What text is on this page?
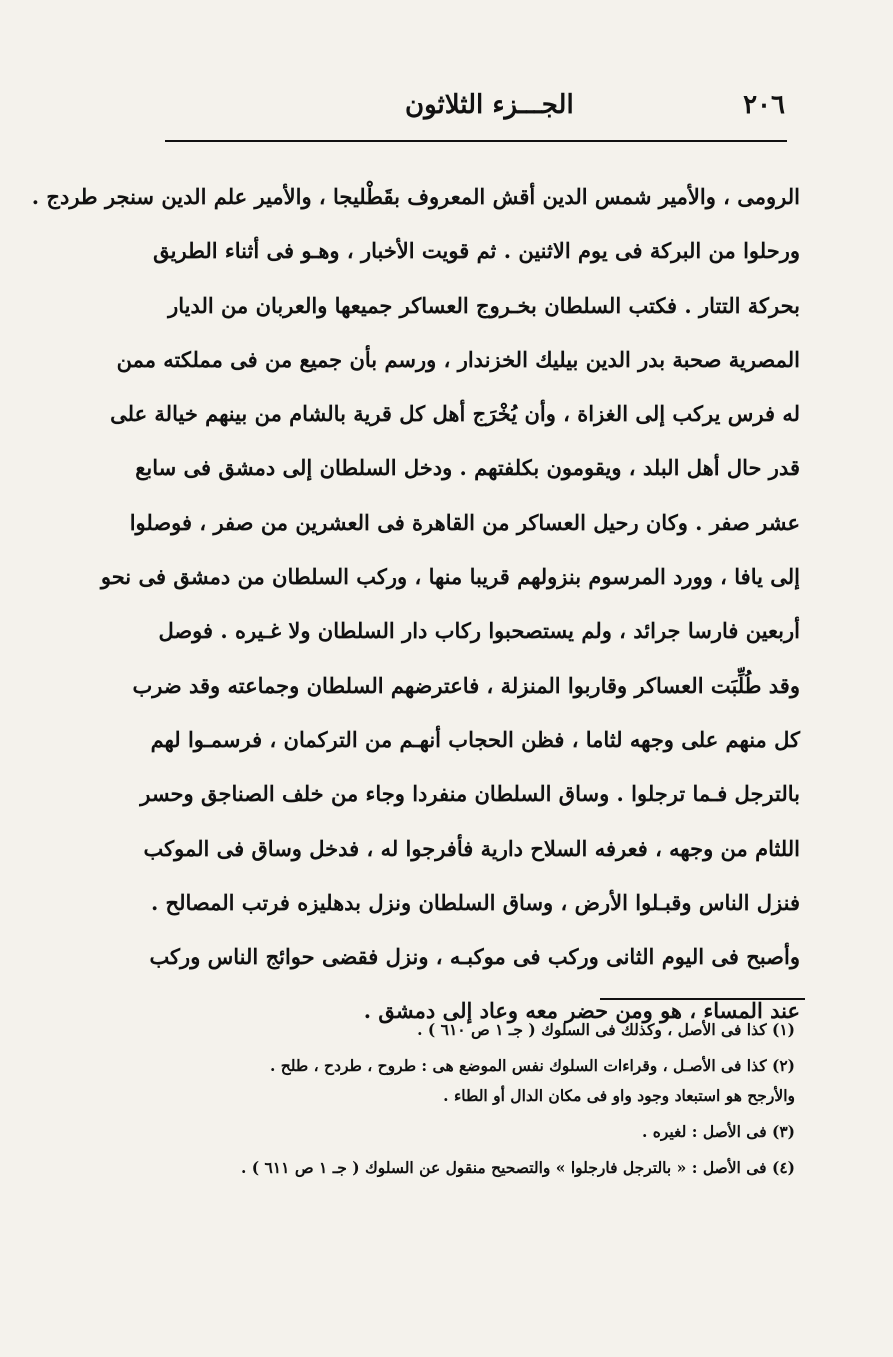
٢٠٦
الجـــزء الثلاثون
الرومى ، والأمير شمس الدين أقش المعروف بقَطْليجا ، والأمير علم الدين سنجر طردج .
ورحلوا من البركة فى يوم الاثنين . ثم قويت الأخبار ، وهـو فى أثناء الطريق
بحركة التتار . فكتب السلطان بخـروج العساكر جميعها والعربان من الديار
المصرية صحبة بدر الدين بيليك الخزندار ، ورسم بأن جميع من فى مملكته ممن
له فرس يركب إلى الغزاة ، وأن يُخْرَج أهل كل قرية بالشام من بينهم خيالة على
قدر حال أهل البلد ، ويقومون بكلفتهم . ودخل السلطان إلى دمشق فى سابع
عشر صفر . وكان رحيل العساكر من القاهرة فى العشرين من صفر ، فوصلوا
إلى يافا ، وورد المرسوم بنزولهم قريبا منها ، وركب السلطان من دمشق فى نحو
أربعين فارسا جرائد ، ولم يستصحبوا ركاب دار السلطان ولا غـيره . فوصل
وقد طُلِّبَت العساكر وقاربوا المنزلة ، فاعترضهم السلطان وجماعته وقد ضرب
كل منهم على وجهه لثاما ، فظن الحجاب أنهـم من التركمان ، فرسمـوا لهم
بالترجل فـما ترجلوا . وساق السلطان منفردا وجاء من خلف الصناجق وحسر
اللثام من وجهه ، فعرفه السلاح دارية فأفرجوا له ، فدخل وساق فى الموكب
فنزل الناس وقبـلوا الأرض ، وساق السلطان ونزل بدهليزه فرتب المصالح .
وأصبح فى اليوم الثانى وركب فى موكبـه ، ونزل فقضى حوائج الناس وركب
عند المساء ، هو ومن حضر معه وعاد إلى دمشق .
(١) كذا فى الأصل ، وكذلك فى السلوك ( جـ ١ ص ٦١٠ ) .
(٢) كذا فى الأصـل ، وقراءات السلوك نفس الموضع هى : طروح ، طردح ، طلح .
والأرجح هو استبعاد وجود واو فى مكان الدال أو الطاء .
(٣) فى الأصل : لغيره .
(٤) فى الأصل : « بالترجل فارجلوا » والتصحيح منقول عن السلوك ( جـ ١ ص ٦١١ ) .
